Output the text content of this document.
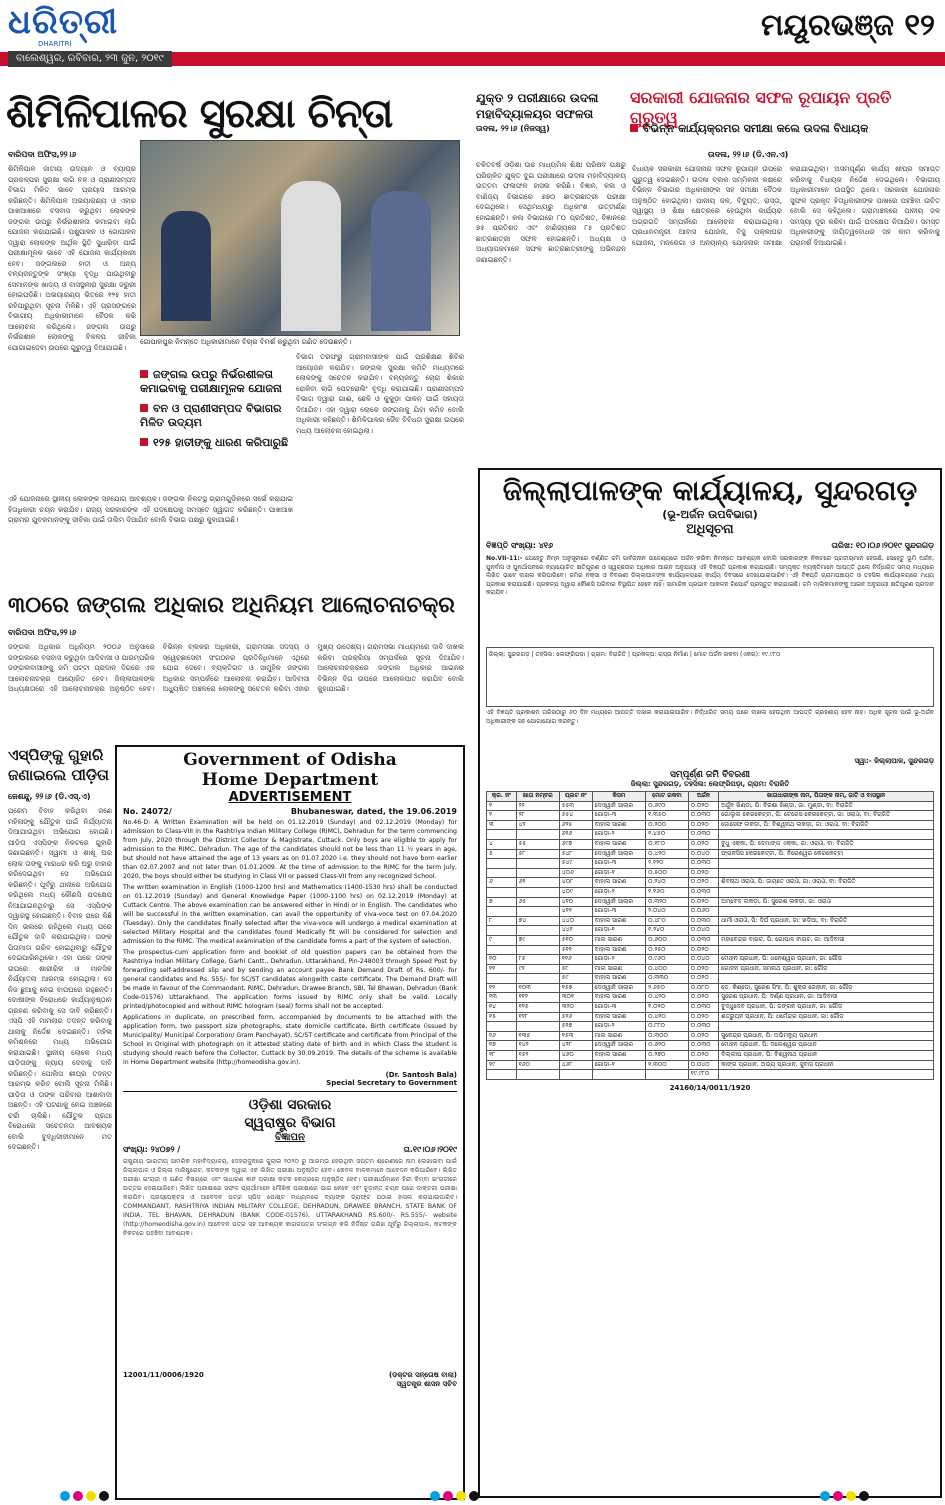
ଧରିତ୍ରୀ
DHARITRI
ବାଲେଶ୍ୱର, ରବିବାର, ୨୩ ଜୁନ, ୨୦୧୯
ମୟୂରଭଞ୍ଜ ୧୨
ଶିମିଳିପାଳର ସୁରକ୍ଷା ଚିନ୍ତା
ବାରିପଦା ଅଫିସ,୨୨।୬
ଶିମିଳିପାଳ ଜାତୀୟ ଉଦ୍ୟାନ ଓ ବ୍ୟାଘ୍ର ପ୍ରକଳ୍ପର ସୁରକ୍ଷା ଲାଗି ବନ ଓ ପ୍ରାଣୀସମ୍ପଦ ବିଭାଗ ମିଳିତ ଭାବେ ପ୍ରୟାସ ଆରମ୍ଭ କରିଛନ୍ତି। ଶିମିଳିପାଳ ଅଭୟାରଣ୍ୟ ଓ ଏହାର ପାଖଆଖରେ ବସବାସ କରୁଥିବା ଲୋକଙ୍କ ଜଙ୍ଗଲ ଉପରୁ ନିର୍ଭରଶୀଳତା କମାଇବା ଲାଗି ଯୋଜନା କରାଯାଇଛି। ପଶୁପାଳନ ଓ ଗୋପାଳନ ଦ୍ୱାରା ଲୋକଙ୍କ ଆର୍ଥିକ ସ୍ଥିତି ସୁଧାରିବା ପାଇଁ ପରୀକ୍ଷାମୂଳକ ଭାବେ ଏହି ଯୋଜନା କାର୍ଯ୍ୟକାରୀ ହେବ। ଜଙ୍ଗଲରେ ହାତୀ ଓ ଅନ୍ୟ ବନ୍ୟଜନ୍ତୁଙ୍କ ସଂଖ୍ୟା ବୃଦ୍ଧି ପାଉଥିବାରୁ ସେମାନଙ୍କ ଖାଦ୍ୟ ଓ ବାସସ୍ଥଳୀର ସୁରକ୍ଷା ଜରୁରୀ ହୋଇପଡ଼ିଛି। ଅଭୟାରଣ୍ୟ ଭିତରେ ୧୨୫ ହାତୀ ରହିପାରୁଥିବା ସୂଚନା ମିଳିଛି। ଏହି ପ୍ରସଙ୍ଗରେ ବିଭାଗୀୟ ଅଧିକାରୀମାନେ ବୈଠକ କରି ଆଲୋଚନା କରିଥିଲେ। ଜଙ୍ଗଲ ଉପରୁ ନିର୍ଭରଶୀଳ ଲୋକଙ୍କୁ ବିକଳ୍ପ ଜୀବିକା ଯୋଗାଇଦେବା ଉପରେ ଗୁରୁତ୍ୱ ଦିଆଯାଇଛି।
ଗୋପାଳପୁର ନିମନ୍ତେ ଅଧିକାରୀମାନେ ବିଚାର ବିମର୍ଶ କରୁଥିବା ଗଣିତ ଦେଉଛନ୍ତି।
ଜଙ୍ଗଲ ଉପରୁ ନିର୍ଭରଶୀଳତା କମାଇବାକୁ ପରୀକ୍ଷାମୂଳକ ଯୋଜନା
ବନ ଓ ପ୍ରାଣୀସମ୍ପଦ ବିଭାଗର ମିଳିତ ଉଦ୍ୟମ
୧୨୫ ହାତୀଙ୍କୁ ଧାରଣ କରିପାରୁଛି
ବିଭାଗ ତରଫରୁ ଗ୍ରାମବାସୀଙ୍କ ପାଇଁ ପ୍ରଶିକ୍ଷଣ ଶିବିର ଆୟୋଜନ କରାଯିବ। ଜଙ୍ଗଲ ସୁରକ୍ଷା କମିଟି ମାଧ୍ୟମରେ ଲୋକଙ୍କୁ ସଚେତନ କରାଯିବ। ବନ୍ୟଜନ୍ତୁ ଚୋରା ଶିକାର ରୋକିବା ଲାଗି ପେଟ୍ରୋଲିଂ ବୃଦ୍ଧି କରାଯାଇଛି। ପ୍ରାଣୀସମ୍ପଦ ବିଭାଗ ଦ୍ୱାରା ଗାଈ, ଛେଳି ଓ କୁକୁଡ଼ା ପାଳନ ପାଇଁ ସହାୟତା ଦିଆଯିବ। ଏହା ଦ୍ୱାରା ଲୋକେ ଜଙ୍ଗଲକୁ ଯିବା କମିବ ବୋଲି ଅଧିକାରୀ କହିଛନ୍ତି। ଶିମିଳିପାଳର ଜୈବ ବିବିଧତା ସୁରକ୍ଷା ଉପରେ ମଧ୍ୟ ଆଲୋଚନା ହୋଇଥିଲା।
ଏହି ଯୋଜନାରେ ସ୍ଥାନୀୟ ଲୋକଙ୍କ ସହଯୋଗ ଆବଶ୍ୟକ। ଜଙ୍ଗଲ ନିକଟସ୍ଥ ଗ୍ରାମଗୁଡ଼ିକରେ ସର୍ଭେ କରାଯାଇ ହିତାଧିକାରୀ ଚୟନ କରାଯିବ। ରାଜ୍ୟ ସରକାରଙ୍କ ଏହି ପଦକ୍ଷେପକୁ ସମସ୍ତେ ସ୍ୱାଗତ କରିଛନ୍ତି। ପାଖଆଖ ଗ୍ରାମର ଯୁବକମାନଙ୍କୁ ଜୀବିକା ପାଇଁ ତାଲିମ ଦିଆଯିବ ବୋଲି ବିଭାଗ ପକ୍ଷରୁ କୁହାଯାଇଛି।
ଯୁକ୍ତ ୨ ପରୀକ୍ଷାରେ ଉଦଳା ମହାବିଦ୍ୟାଳୟର ସଫଳତା
ଉଦଳା, ୨୨।୬ (ନିଜସ୍ୱ)
ଚଳିତବର୍ଷ ଓଡ଼ିଶା ଉଚ୍ଚ ମାଧ୍ୟମିକ ଶିକ୍ଷା ପରିଷଦ ପକ୍ଷରୁ ପରିଚାଳିତ ଯୁକ୍ତ ଦୁଇ ପରୀକ୍ଷାରେ ଉଦଳା ମହାବିଦ୍ୟାଳୟ ଉତ୍ତମ ଫଳାଫଳ ହାସଲ କରିଛି। ବିଜ୍ଞାନ, କଳା ଓ ବାଣିଜ୍ୟ ବିଭାଗରେ ୭୭୦ ଛାତ୍ରଛାତ୍ରୀ ପରୀକ୍ଷା ଦେଇଥିଲେ। ସେଥିମଧ୍ୟରୁ ଅଧିକାଂଶ ଉତ୍ତୀର୍ଣ୍ଣ ହୋଇଛନ୍ତି। କଳା ବିଭାଗରେ ୮୦ ପ୍ରତିଶତ, ବିଜ୍ଞାନରେ ୭୫ ପ୍ରତିଶତ ଏବଂ ବାଣିଜ୍ୟରେ ୮୫ ପ୍ରତିଶତ ଛାତ୍ରଛାତ୍ରୀ ସଫଳ ହୋଇଛନ୍ତି। ଅଧ୍ୟକ୍ଷ ଓ ଅଧ୍ୟାପକମାନେ ସଫଳ ଛାତ୍ରଛାତ୍ରୀଙ୍କୁ ଅଭିନନ୍ଦନ ଜଣାଇଛନ୍ତି।
ସରକାରୀ ଯୋଜନାର ସଫଳ ରୂପାୟନ ପ୍ରତି ଗୁରୁତ୍ୱ
ବିଭିନ୍ନ କାର୍ଯ୍ୟକ୍ରମର ସମୀକ୍ଷା କଲେ ଉଦଳା ବିଧାୟକ
ଉଦଳା, ୨୨।୬ (ଡି.ଏନ.ଏ)
ବିଧାୟକ ସରକାରୀ ଯୋଜନାର ସଫଳ ରୂପାୟନ ଉପରେ ଗୁରୁତ୍ୱ ଦେଇଛନ୍ତି। ଉଦଳା ବ୍ଲକ ସମ୍ମିଳନୀ କକ୍ଷରେ ବିଭିନ୍ନ ବିଭାଗର ଅଧିକାରୀଙ୍କ ସହ ସମୀକ୍ଷା ବୈଠକ ଅନୁଷ୍ଠିତ ହୋଇଥିଲା। ପାନୀୟ ଜଳ, ବିଦ୍ୟୁତ, ରାସ୍ତା, ସ୍ୱାସ୍ଥ୍ୟ ଓ ଶିକ୍ଷା କ୍ଷେତ୍ରରେ ହେଉଥିବା କାର୍ଯ୍ୟର ଅଗ୍ରଗତି ସମ୍ପର୍କରେ ଆଲୋଚନା କରାଯାଇଥିଲା। ପ୍ରଧାନମନ୍ତ୍ରୀ ଆବାସ ଯୋଜନା, ବିଜୁ ପକ୍କାଘର ଯୋଜନା, ମନରେଗା ଓ ଅନ୍ୟାନ୍ୟ ଯୋଜନାର ସମୀକ୍ଷା କରାଯାଇଥିଲା। ଅସମ୍ପୂର୍ଣ୍ଣ କାର୍ଯ୍ୟ ଶୀଘ୍ର ସମାପ୍ତ କରିବାକୁ ବିଧାୟକ ନିର୍ଦ୍ଦେଶ ଦେଇଥିଲେ। ବିଭାଗୀୟ ଅଧିକାରୀମାନେ ଉପସ୍ଥିତ ଥିଲେ। ସରକାରୀ ଯୋଜନାର ସୁଫଳ ପ୍ରକୃତ ହିତାଧିକାରୀଙ୍କ ପାଖରେ ପହଞ୍ଚିବା ଉଚିତ ବୋଲି ସେ କହିଥିଲେ। ଗ୍ରାମାଞ୍ଚଳରେ ପାନୀୟ ଜଳ ସମସ୍ୟା ଦୂର କରିବା ପାଇଁ ପଦକ୍ଷେପ ନିଆଯିବ। ସମସ୍ତ ଅଧିକାରୀଙ୍କୁ ଦାୟିତ୍ୱବୋଧର ସହ କାମ କରିବାକୁ ପରାମର୍ଶ ଦିଆଯାଇଛି।
୩୦ରେ ଜଙ୍ଗଲ ଅଧିକାର ଅଧିନିୟମ ଆଲୋଚନାଚକ୍ର
ବାରିପଦା ଅଫିସ,୨୨।୬
ଜଙ୍ଗଲ ଅଧିକାର ଅଧିନିୟମ ୨୦୦୬ ଅନୁସାରେ ଜଙ୍ଗଲରେ ବସବାସ କରୁଥିବା ଆଦିବାସୀ ଓ ପାରମ୍ପରିକ ଜଙ୍ଗଲବାସୀଙ୍କୁ ଜମି ପଟ୍ଟା ପ୍ରଦାନ ଦିଗରେ ଏକ ଆଲୋଚନାଚକ୍ର ଆୟୋଜିତ ହେବ। ଜିଲ୍ଲାପାଳଙ୍କ ଅଧ୍ୟକ୍ଷତାରେ ଏହି ଆଲୋଚନାଚକ୍ର ଅନୁଷ୍ଠିତ ହେବ। ବିଭିନ୍ନ ବ୍ଲକର ଅଧିକାରୀ, ଗ୍ରାମସଭା ସଦସ୍ୟ ଓ ସ୍ୱେଚ୍ଛାସେବୀ ସଂଗଠନର ପ୍ରତିନିଧିମାନେ ଏଥିରେ ଯୋଗ ଦେବେ। ବ୍ୟକ୍ତିଗତ ଓ ସାମୁହିକ ଜଙ୍ଗଲ ଅଧିକାର ସମ୍ପର୍କରେ ଆଲୋଚନା କରାଯିବ। ଆଦିବାସୀ ଅଧ୍ୟୁଷିତ ଅଞ୍ଚଳରେ ଲୋକଙ୍କୁ ସଚେତନ କରିବା ଏହାର ମୁଖ୍ୟ ଉଦ୍ଦେଶ୍ୟ। ଗ୍ରାମସଭା ମାଧ୍ୟମରେ ଦାବି ଦାଖଲ କରିବା ପ୍ରକ୍ରିୟା ସମ୍ପର୍କରେ ସୂଚନା ଦିଆଯିବ। ଆଲୋଚନାଚକ୍ରରେ ଜଙ୍ଗଲ ଅଧିକାର ଆଇନର ବିଭିନ୍ନ ଦିଗ ଉପରେ ଆଲୋକପାତ କରାଯିବ ବୋଲି କୁହାଯାଇଛି।
ଏସ୍‌ପିଙ୍କୁ ଗୁହାରି ଜଣାଇଲେ ପୀଡ଼ିତା
ଜେଶନ୍ଦୁ, ୨୨।୬ (ଡି.ଏସ୍.ଏ)
ପ୍ରେମ ବିବାହ କରିଥିବା ଜଣେ ମହିଳାଙ୍କୁ ଯୌତୁକ ପାଇଁ ନିର୍ଯ୍ୟାତନା ଦିଆଯାଉଥିବା ଅଭିଯୋଗ ହୋଇଛି। ପୀଡ଼ିତା ଏସ୍‌ପିଙ୍କ ନିକଟରେ ଗୁହାରି ଜଣାଇଛନ୍ତି। ସ୍ୱାମୀ ଓ ଶାଶୂ ଘର ଲୋକ ତାଙ୍କୁ ମାରଧର କରି ଘରୁ ବାହାର କରିଦେଇଥିବା ସେ ଅଭିଯୋଗ କରିଛନ୍ତି। ପୂର୍ବରୁ ଥାନାରେ ଅଭିଯୋଗ କରିଥିଲେ ମଧ୍ୟ କୌଣସି ପଦକ୍ଷେପ ନିଆଯାଇନଥିବାରୁ ସେ ଏସ୍‌ପିଙ୍କ ଦ୍ୱାରସ୍ଥ ହୋଇଛନ୍ତି। ବିବାହ ପରେ କିଛି ଦିନ ଭଲରେ ରହିଥିଲେ ମଧ୍ୟ ପରେ ଯୌତୁକ ଦାବି କରାଯାଇଥିଲା। ତାଙ୍କ ପିତାମାତା ଗରିବ ହୋଇଥିବାରୁ ଯୌତୁକ ଦେଇପାରିନଥିଲେ। ଏହା ପରେ ତାଙ୍କ ଉପରେ ଶାରୀରିକ ଓ ମାନସିକ ନିର୍ଯ୍ୟାତନା ଆରମ୍ଭ ହୋଇଥିଲା। ସେ ନିଜ ଛୁଆକୁ ନେଇ ବାପଘରେ ରହୁଛନ୍ତି। ଦୋଷୀଙ୍କ ବିରୋଧରେ କାର୍ଯ୍ୟାନୁଷ୍ଠାନ ଗ୍ରହଣ କରିବାକୁ ସେ ଦାବି କରିଛନ୍ତି। ଏସ୍‌ପି ଏହି ମାମଲାର ତଦନ୍ତ କରିବାକୁ ଥାନାକୁ ନିର୍ଦ୍ଦେଶ ଦେଇଛନ୍ତି। ମହିଳା କମିଶନରେ ମଧ୍ୟ ଅଭିଯୋଗ କରାଯାଇଛି। ସ୍ଥାନୀୟ ଲୋକେ ମଧ୍ୟ ପୀଡ଼ିତାଙ୍କୁ ନ୍ୟାୟ ଦେବାକୁ ଦାବି କରିଛନ୍ତି। ପୋଲିସ ଶୀଘ୍ର ତଦନ୍ତ ଆରମ୍ଭ କରିବ ବୋଲି ସୂଚନା ମିଳିଛି। ପୀଡ଼ିତା ଓ ତାଙ୍କ ପରିବାର ଆଶାବାଦୀ ଅଛନ୍ତି। ଏହି ଘଟଣାକୁ ନେଇ ଅଞ୍ଚଳରେ ଚର୍ଚ୍ଚା ଚାଲିଛି। ଯୌତୁକ ପ୍ରଥା ବିରୋଧରେ ସଚେତନତା ଆବଶ୍ୟକ ବୋଲି ବୁଦ୍ଧିଜୀବୀମାନେ ମତ ଦେଇଛନ୍ତି।
Government of Odisha
Home Department
ADVERTISEMENT
No. 24072/	Bhubaneswar, dated, the 19.06.2019

No.46-D: A Written Examination will be held on 01.12.2019 (Sunday) and 02.12.2019 (Monday) for admission to Class-VIII in the Rashtriya Indian Military College (RIMC), Dehradun for the term commencing from July, 2020 through the District Collector & Magistrate, Cuttack. Only boys are eligible to apply for admission to the RIMC, Dehradun. The age of the candidates should not be less than 11 ½ years in age, but should not have attained the age of 13 years as on 01.07.2020 i.e. they should not have born earlier than 02.07.2007 and not later than 01.01.2009. At the time of admission to the RIMC for the term July, 2020, the boys should either be studying in Class VII or passed Class-VII from any recognized School.

The written examination in English (1000-1200 hrs) and Mathematics (1400-1530 hrs) shall be conducted on 01.12.2019 (Sunday) and General Knowledge Paper (1000-1100 hrs) on 02.12.2019 (Monday) at Cuttack Centre. The above examination can be answered either in Hindi or in English. The candidates who will be successful in the written examination, can avail the opportunity of viva-voce test on 07.04.2020 (Tuesday). Only the candidates finally selected after the viva-voce will undergo a medical examination at selected Military Hospital and the candidates found Medically fit will be considered for selection and admission to the RIMC. The medical examination of the candidate forms a part of the system of selection.

The prospectus-cum application form and booklet of old question papers can be obtained from the Rashtriya Indian Military College, Garhi Cantt., Dehradun, Uttarakhand, Pin-248003 through Speed Post by forwarding self-addressed slip and by sending an account payee Bank Demand Draft of Rs. 600/- for general candidates and Rs. 555/- for SC/ST candidates alongwith caste certificate. The Demand Draft will be made in favour of the Commandant, RIMC, Dehradun, Drawee Branch, SBI, Tel Bhawan, Dehradun (Bank Code-01576) Uttarakhand. The application forms issued by RIMC only shall be valid. Locally printed/photocopied and without RIMC hologram (seal) forms shall not be accepted.

Applications in duplicate, on prescribed form, accompanied by documents to be attached with the application form, two passport size photographs, state domicile certificate, Birth certificate (issued by Municipality/ Municipal Corporation/ Gram Panchayat), SC/ST certificate and certificate from Principal of the School in Original with photograph on it attested stating date of birth and in which Class the student is studying should reach before the Collector, Cuttack by 30.09.2019. The details of the scheme is available in Home Department website (http://homeodisha.gov.in).

(Dr. Santosh Bala)
Special Secretary to Government
ଓଡ଼ିଶା ସରକାର
ସ୍ୱରାଷ୍ଟ୍ର ବିଭାଗ
ବିଜ୍ଞାପନ
ସଂଖ୍ୟା: ୨୪୦୭୨ /	ତା.୧୯।୦୬।୨୦୧୯

ରାଷ୍ଟ୍ରୀୟ ଭାରତୀୟ ସାମରିକ ମହାବିଦ୍ୟାଳୟ, ଦେହରାଦୁନରେ ଜୁଲାଇ ୨୦୨୦ ରୁ ଆରମ୍ଭ ହେଉଥିବା ସପ୍ତମ ଶ୍ରେଣୀରେ ନାମ ଲେଖାଇବା ପାଇଁ ଜିଲ୍ଲାପାଳ ଓ ଜିଲ୍ଲା ମାଜିଷ୍ଟ୍ରେଟ, କଟକଙ୍କ ଦ୍ୱାରା ଏକ ଲିଖିତ ପରୀକ୍ଷା ଅନୁଷ୍ଠିତ ହେବ। କେବଳ ବାଳକମାନେ ଆବେଦନ କରିପାରିବେ। ଲିଖିତ ପରୀକ୍ଷା ଇଂରାଜୀ ଓ ଗଣିତ ବିଷୟରେ ଏବଂ ସାଧାରଣ ଜ୍ଞାନ ପରୀକ୍ଷା କଟକ କେନ୍ଦ୍ରରେ ଅନୁଷ୍ଠିତ ହେବ। ପରୀକ୍ଷାର୍ଥୀମାନେ ହିନ୍ଦୀ କିମ୍ବା ଇଂରାଜୀରେ ଉତ୍ତର ଦେଇପାରିବେ। ଲିଖିତ ପରୀକ୍ଷାରେ ସଫଳ ପ୍ରାର୍ଥୀମାନେ ମୌଖିକ ପରୀକ୍ଷାରେ ଭାଗ ନେବେ ଏବଂ ଚୂଡ଼ାନ୍ତ ଚୟନ ପରେ ଡାକ୍ତରୀ ପରୀକ୍ଷା କରାଯିବ। ପ୍ରସ୍ପେକ୍ଟସ ଓ ଆବେଦନ ପତ୍ର ସ୍ପିଡ଼ ପୋଷ୍ଟ ମାଧ୍ୟମରେ ବ୍ୟାଙ୍କ ଡ୍ରାଫ୍ଟ ପଠାଇ ହାସଲ କରାଯାଇପାରିବ। COMMANDANT, RASHTRIYA INDIAN MILITARY COLLEGE, DEHRADUN, DRAWEE BRANCH, STATE BANK OF INDIA, TEL BHAVAN, DEHRADUN (BANK CODE-01576), UTTARAKHAND RS.600/- RS.555/- website (http://homeodisha.gov.in) ଆବେଦନ ପତ୍ର ସହ ଆବଶ୍ୟକ କାଗଜପତ୍ର ସଂଲଗ୍ନ କରି ନିର୍ଦ୍ଦିଷ୍ଟ ତାରିଖ ପୂର୍ବରୁ ଜିଲ୍ଲାପାଳ, କଟକଙ୍କ ନିକଟରେ ପହଞ୍ଚିବା ଆବଶ୍ୟକ।

12001/11/0006/1920	(ଡକ୍ଟର ସନ୍ତୋଷ ବାଲା)
ସ୍ୱତନ୍ତ୍ର ଶାସନ ସଚିବ
ଜିଲ୍ଲାପାଳଙ୍କ କାର୍ଯ୍ୟାଳୟ, ସୁନ୍ଦରଗଡ଼
(ଭୂ-ଅର୍ଜନ ଉପବିଭାଗ)
ଅଧିସୂଚନା
ବିଜ୍ଞପ୍ତି ସଂଖ୍ୟା: ୪୧୬	ତାରିଖ: ୧୦।୦୬।୨୦୧୯ ସୁନ୍ଦରଗଡ଼

No.VII-11:- ଯେହେତୁ ନିମ୍ନ ଅନୁସୂଚୀରେ ବର୍ଣ୍ଣିତ ଜମି ସାର୍ବଜନୀନ ଉଦ୍ଦେଶ୍ୟରେ ଅର୍ଜନ କରିବା ନିମନ୍ତେ ଆବଶ୍ୟକ ବୋଲି ସରକାରଙ୍କ ନିକଟରେ ପ୍ରତୀୟମାନ ହେଉଛି, ସେହେତୁ ଭୂମି ଅର୍ଜନ, ପୁନର୍ବାସ ଓ ପୁନର୍ଥାପନରେ ନ୍ୟାୟୋଚିତ କ୍ଷତିପୂରଣ ଓ ସ୍ୱଚ୍ଛତାର ଅଧିକାର ଆଇନ ଅନୁଯାୟୀ ଏହି ବିଜ୍ଞପ୍ତି ପ୍ରକାଶ କରାଯାଉଛି। ସମ୍ପୃକ୍ତ ବ୍ୟକ୍ତିମାନେ ଆପତ୍ତି ଥିଲେ ନିର୍ଦ୍ଧାରିତ ସମୟ ମଧ୍ୟରେ ଲିଖିତ ଭାବେ ଦାଖଲ କରିପାରିବେ। ଜମିର ନକ୍ସା ଓ ବିବରଣୀ ଜିଲ୍ଲାପାଳଙ୍କ କାର୍ଯ୍ୟାଳୟରେ କାର୍ଯ୍ୟ ଦିବସରେ ଦେଖାଯାଇପାରିବ। ଏହି ବିଜ୍ଞପ୍ତି ଗ୍ରାମପଞ୍ଚାୟତ ଓ ତହସିଲ କାର୍ଯ୍ୟାଳୟରେ ମଧ୍ୟ ପ୍ରକାଶ କରାଯାଇଛି। ପ୍ରକଳ୍ପ ଦ୍ୱାରା କୌଣସି ପରିବାର ବିସ୍ଥାପିତ ହେବେ ନାହିଁ। ସାମାଜିକ ପ୍ରଭାବ ଆକଳନ ରିପୋର୍ଟ ପ୍ରସ୍ତୁତ କରାଯାଇଛି। ଜମି ମାଲିକମାନଙ୍କୁ ଆଇନ ଅନୁଯାୟୀ କ୍ଷତିପୂରଣ ପ୍ରଦାନ କରାଯିବ।

ଜିଲ୍ଲା: ସୁନ୍ଦରଗଡ଼ | ତହସିଲ: ଲେଫ୍ରିପଡ଼ା | ଗ୍ରାମ: ବିରାଜିତି | ପ୍ରକଳ୍ପ: ରାସ୍ତା ନିର୍ମାଣ | ମୋଟ ଅର୍ଜନ ରକବା (ଏକର): ୧୯.୯୮୦

ଏହି ବିଜ୍ଞପ୍ତି ପ୍ରକାଶନ ତାରିଖଠାରୁ ୬୦ ଦିନ ମଧ୍ୟରେ ଆପତ୍ତି ଦାଖଲ କରାଯାଇପାରିବ। ନିର୍ଦ୍ଧାରିତ ସମୟ ପରେ ଦାଖଲ ହେଉଥିବା ଆପତ୍ତି ଗ୍ରହଣୀୟ ହେବ ନାହିଁ। ଅଧିକ ସୂଚନା ପାଇଁ ଭୂ-ଅର୍ଜନ ଅଧିକାରୀଙ୍କ ସହ ଯୋଗାଯୋଗ କରନ୍ତୁ।

ସ୍ୱା:- ଜିଲ୍ଲାପାଳ, ସୁନ୍ଦରଗଡ଼
ସମ୍ପୂର୍ଣ୍ଣ ଜମି ବିବରଣୀ
ଜିଲ୍ଲା: ସୁନ୍ଦରଗଡ଼, ତହସିଲ: ଲେଫ୍ରିପଡ଼ା, ଗ୍ରାମ: ବିରାଜିତି
କ୍ର. ନଂ	ଖାତା ନମ୍ବର	ପ୍ଲଟ ନଂ	କିସମ	ମୋଟ ରକବା	ଅର୍ଜନ	ଖାତାଧାରୀଙ୍କ ନାମ, ପିତାଙ୍କ ନାମ, ଜାତି ଓ ବାସସ୍ଥାନ
୧	୨୨	୫୫୩	ଦେଓ୍ୱାନି ସାଲାର	୦.୬୯୦	୦.୦୨୦	ଅର୍ଜୁନ ଖିଣ୍ଡା, ପି: ବିରଶା ଖିଣ୍ଡା, ଜା: ମୁଣ୍ଡା, ବା: ବିରାଜିତି
୨	୨୮	୫୫୪	ଗୋଡ଼ା-୩	୧.୩୫୦	୦.୦୩୦	ଗୋଲୁଲ କେରକେଟ୍ଟା, ପି: ଟେରେସ କେରକେଟ୍ଟା, ଜା: ଓରାଓଁ, ବା: ବିରାଜିତି
୩	୪୨	୬୨୫	ବାହାଲ ସାରଣ	୦.୨୦୦	୦.୦୨୦	ଜୋସେଫ ଲକଡ଼ା, ପି: ବିଶ୍ୱନାଥ ଲକଡ଼ା, ଜା: ଓରାଓଁ, ବା: ବିରାଜିତି
		୬୨୬	ଗୋଡ଼ା-୨	୧.୪୫୦	୦.୦୩୦	
୪	୫୫	୬୯୭	ବାହାଲ ସାରଣ	୦.୧୮୦	୦.୦୨୦	ବୁଧୁ ଏକ୍କା, ପି: ଦେମାଙ୍ଗ ଏକ୍କା, ଜା: ଓରାଓଁ, ବା: ବିରାଜିତି
୫	୫୮	୫୪୮	ଦେଓ୍ୱାନି ସାଲାର	୦.୪୨୦	୦.୦୪୦	ଫ୍ରାନସିସ କେରକେଟ୍ଟା, ପି: ବିରେଶ୍ୱର କେରକେଟ୍ଟା
		୫୪୯	ଗୋଡ଼ା-୩	୨.୧୨୦	୦.୦୩୦	
		୪୦୬	ଗୋଡ଼ା-୧	୦.୫୦୦	୦.୦୨୦	
୬	୬୧	୪୦୮	ବାହାଲ ସାରଣ	୦.୨୪୦	୦.୦୨୦	ଶିବନାଥ ଓରାଓଁ, ପି: ଜାୟତେ ଓରାଓଁ, ଜା: ଓରାଓଁ, ବା: ବିରାଜିତି
		୪୦୯	ଗୋଡ଼ା-୨	୧.୧୬୦	୦.୦୩୦	
୭	୬୫	୪୧୦	ଦେଓ୍ୱାନି ସାଲାର	୦.୩୨୦	୦.୦୨୦	ଅମ୍ବେଦ ଲକଡ଼ା, ପି: ସୁରେଶ ଲକଡ଼ା, ଜା: ଓରାଓଁ
		୪୧୨	ଗୋଡ଼ା-୩	୨.୦୪୦	୦.୦୬୦	
୮	୭୪	୪୪୦	ବାହାଲ ସାରଣ	୦.୪୮୦	୦.୦୩୦	ଧାର୍ମୀ ଓରାଓଁ, ପି: ଦିର୍ଘ ପ୍ରଧାନ, ଜା: ଖଡ଼ିଆ, ବା: ବିରାଜିତି
		୪୪୧	ଗୋଡ଼ା-୧	୧.୨୪୦	୦.୦୪୦	
୯	୭୯	୫୧୦	ମାଲ ସାରଣ	୦.୬୦୦	୦.୦୩୦	ମହାବେନ୍ଦ୍ର ବାଗଚ, ପି: ଗୋପାଳ ବାଗଚ, ଜା: ଆଦିବାସୀ
		୫୧୧	ବାହାଲ ସାରଣ	୦.୨୫୦	୦.୦୨୦	
୧୦	୮୫	୧୧୬	ଗୋଡ଼ା-୨	୦.୯୬୦	୦.୦୪୦	ମୋହନ ପ୍ରଧାନ, ପି: ଧନେଶ୍ୱର ପ୍ରଧାନ, ଜା: ଗୌଡ଼
୧୧	୯୨	୫୮	ମାଲ ସାରଣ	୦.୪୦୦	୦.୦୨୦	ଗୋଦନ ପ୍ରଧାନ, ସମନାଥ ପ୍ରଧାନ, ଜା: ଗୌଡ଼
		୫୯	ବାହାଲ ସାରଣ	୦.୩୩୦	୦.୦୨୦	
୧୨	୧୦୩	୧୫୭	ଦେଓ୍ୱାନି ସାଲାର	୨.୬୫୦	୦.୦୮୦	ଡେ. କିଣ୍ଡୋ, ସୁରେଶ ସିଂହ, ପି: ଶୁକ୍ର ଜୋହାନ, ଜା: ଗୌଡ଼
୧୩	୧୧୨	୩୦୧	ବାହାଲ ସାରଣ	୦.୪୨୦	୦.୦୨୦	ସୁରେଶ ପ୍ରଧାନ, ପି: ବର୍ଣ୍ଣ ପ୍ରଧାନ, ଜା: ଆଦିବାସୀ
୧୪	୧୧୫	୩୨୦	ଗୋଡ଼ା-୩	୧.୦୨୦	୦.୦୩୦	ବୁଦ୍ଧୁଦେବ ପ୍ରଧାନ, ପି: ଜଙ୍ଗନ ପ୍ରଧାନ, ଜା: ଗୌଡ଼
୧୫	୧୨୮	୫୨୬	ବାହାଲ ସାରଣ	୦.୪୧୦	୦.୦୨୦	ଶତ୍ରୁଘ୍ନ ପ୍ରଧାନ, ପି: ଧର୍ମେନ୍ଦ୍ର ପ୍ରଧାନ, ଜା: ଗୌଡ଼
		୫୨୭	ଗୋଡ଼ା-୨	୦.୮୮୦	୦.୦୩୦	
୧୬	୧୩୫	୧୫୩	ମାଲ ସାରଣ	୦.୩୦୦	୦.୦୨୦	ସୁନେନ୍ଦ୍ର ପ୍ରଧାନ, ପି: ଅଭିମନ୍ୟୁ ପ୍ରଧାନ
୧୭	୧୪୨	୪୨୮	ଦେଓ୍ୱାନି ସାଲାର	୦.୬୨୦	୦.୦୩୦	ମୋହନ ପ୍ରଧାନ, ପି: ଦଲେଶ୍ୱର ପ୍ରଧାନ
୧୮	୧୫୨	୪୬୦	ବାହାଲ ସାରଣ	୦.୨୭୦	୦.୦୨୦	ଦିଲ୍ଲୀପ ପ୍ରଧାନ, ପି: ବିଶ୍ୱନାଥ ପ୍ରଧାନ
୧୯	୧୬୦	୪୬୮	ଗୋଡ଼ା-୧	୧.୩୦୦	୦.୦୪୦	କାଙ୍ଗ ପ୍ରଧାନ, ଅଭ୍ୟ ପ୍ରଧାନ, ସୁବାସ ପ୍ରଧାନ
					୧୯.୯୮୦	
24160/14/0011/1920
